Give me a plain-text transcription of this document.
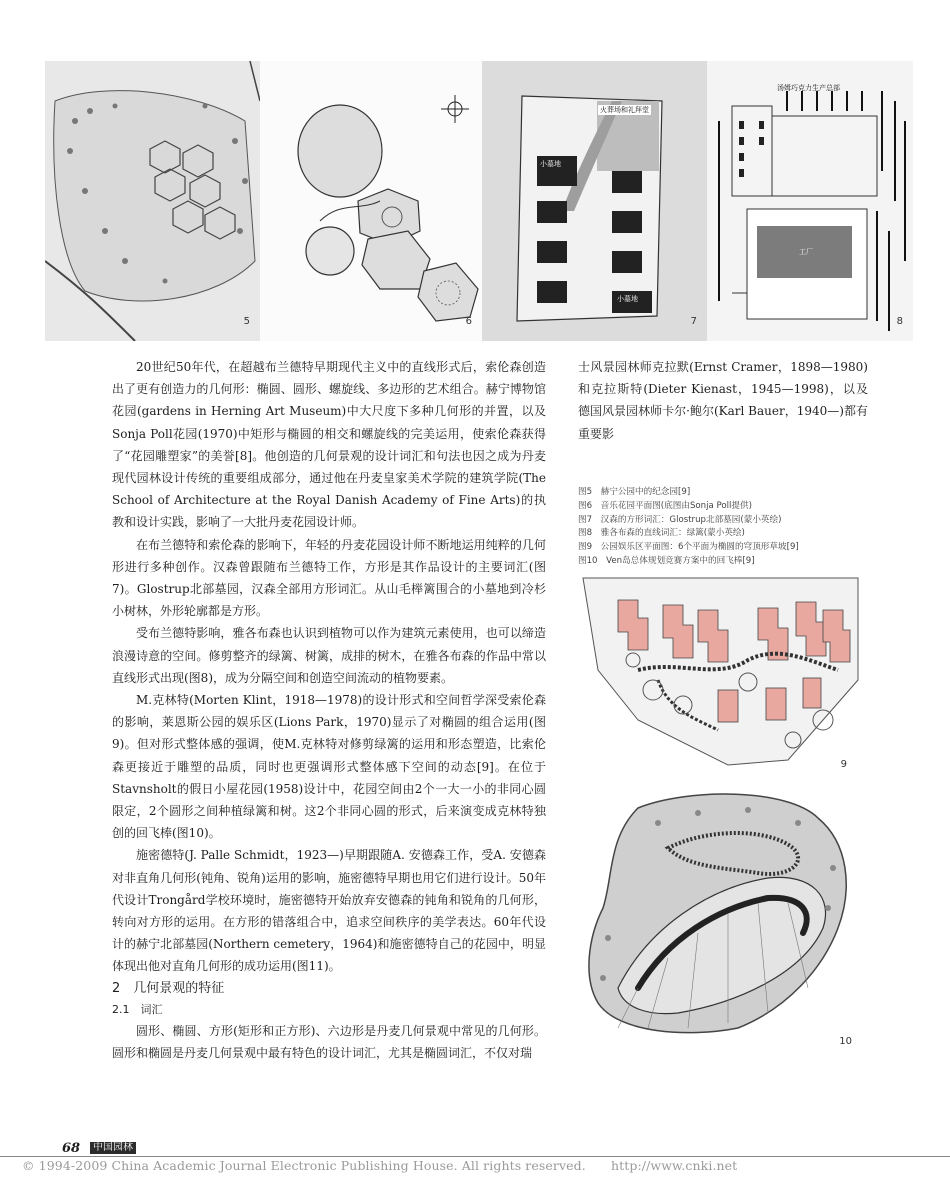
5	6
火葬场和礼拜堂
小墓地
小墓地
7
汤姆巧克力生产总部
工厂
8

20世纪50年代，在超越布兰德特早期现代主义中的直线形式后，索伦森创造出了更有创造力的几何形：椭圆、圆形、螺旋线、多边形的艺术组合。赫宁博物馆花园(gardens in Herning Art Museum)中大尺度下多种几何形的并置，以及Sonja Poll花园(1970)中矩形与椭圆的相交和螺旋线的完美运用，使索伦森获得了“花园雕塑家”的美誉[8]。他创造的几何景观的设计词汇和句法也因之成为丹麦现代园林设计传统的重要组成部分，通过他在丹麦皇家美术学院的建筑学院(The School of Architecture at the Royal Danish Academy of Fine Arts)的执教和设计实践，影响了一大批丹麦花园设计师。

在布兰德特和索伦森的影响下，年轻的丹麦花园设计师不断地运用纯粹的几何形进行多种创作。汉森曾跟随布兰德特工作，方形是其作品设计的主要词汇(图7)。Glostrup北部墓园，汉森全部用方形词汇。从山毛榉篱围合的小墓地到冷杉小树林，外形轮廓都是方形。

受布兰德特影响，雅各布森也认识到植物可以作为建筑元素使用，也可以缔造浪漫诗意的空间。修剪整齐的绿篱、树篱，成排的树木，在雅各布森的作品中常以直线形式出现(图8)，成为分隔空间和创造空间流动的植物要素。

M.克林特(Morten Klint，1918—1978)的设计形式和空间哲学深受索伦森的影响，莱恩斯公园的娱乐区(Lions Park，1970)显示了对椭圆的组合运用(图9)。但对形式整体感的强调，使M.克林特对修剪绿篱的运用和形态塑造，比索伦森更接近于雕塑的品质，同时也更强调形式整体感下空间的动态[9]。在位于Stavnsholt的假日小屋花园(1958)设计中，花园空间由2个一大一小的非同心圆限定，2个圆形之间种植绿篱和树。这2个非同心圆的形式，后来演变成克林特独创的回飞棒(图10)。

施密德特(J. Palle Schmidt，1923—)早期跟随A. 安德森工作，受A. 安德森对非直角几何形(钝角、锐角)运用的影响，施密德特早期也用它们进行设计。50年代设计Trongård学校环境时，施密德特开始放弃安德森的钝角和锐角的几何形，转向对方形的运用。在方形的错落组合中，追求空间秩序的美学表达。60年代设计的赫宁北部墓园(Northern cemetery，1964)和施密德特自己的花园中，明显体现出他对直角几何形的成功运用(图11)。

2　几何景观的特征

2.1　词汇

圆形、椭圆、方形(矩形和正方形)、六边形是丹麦几何景观中常见的几何形。圆形和椭圆是丹麦几何景观中最有特色的设计词汇，尤其是椭圆词汇，不仅对瑞

士风景园林师克拉默(Ernst Cramer，1898—1980)和克拉斯特(Dieter Kienast，1945—1998)，以及德国风景园林师卡尔·鲍尔(Karl Bauer，1940—)都有重要影

图5　赫宁公园中的纪念园[9]
图6　音乐花园平面图(底图由Sonja Poll提供)
图7　汉森的方形词汇：Glostrup北部墓园(蒙小英绘)
图8　雅各布森的直线词汇：绿篱(蒙小英绘)
图9　公园娱乐区平面图：6个平面为椭圆的穹顶形草坡[9]
图10　Ven岛总体规划竞赛方案中的回飞棒[9]
9
10
68	中国园林
© 1994-2009 China Academic Journal Electronic Publishing House. All rights reserved.　　http://www.cnki.net
